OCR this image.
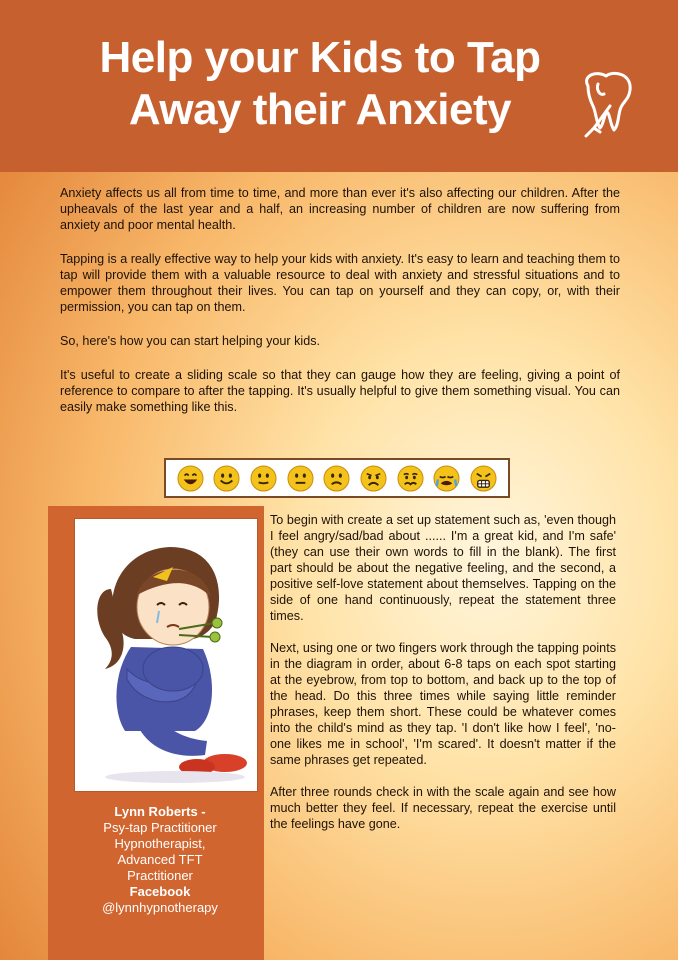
Help your Kids to Tap
Away their Anxiety

Anxiety affects us all from time to time, and more than ever it's also affecting our children. After the upheavals of the last year and a half, an increasing number of children are now suffering from anxiety and poor mental health.

Tapping is a really effective way to help your kids with anxiety. It's easy to learn and teaching them to tap will provide them with a valuable resource to deal with anxiety and stressful situations and to empower them throughout their lives. You can tap on yourself and they can copy, or, with their permission, you can tap on them.

So, here's how you can start helping your kids.

It's useful to create a sliding scale so that they can gauge how they are feeling, giving a point of reference to compare to after the tapping. It's usually helpful to give them something visual. You can easily make something like this.

Lynn Roberts -
Psy-tap Practitioner
Hypnotherapist,
Advanced TFT
Practitioner
Facebook
@lynnhypnotherapy

To begin with create a set up statement such as, 'even though I feel angry/sad/bad about ...... I'm a great kid, and I'm safe' (they can use their own words to fill in the blank). The first part should be about the negative feeling, and the second, a positive self-love statement about themselves. Tapping on the side of one hand continuously, repeat the statement three times.

Next, using one or two fingers work through the tapping points in the diagram in order, about 6-8 taps on each spot starting at the eyebrow, from top to bottom, and back up to the top of the head. Do this three times while saying little reminder phrases, keep them short. These could be whatever comes into the child's mind as they tap. 'I don't like how I feel', 'no-one likes me in school', 'I'm scared'. It doesn't matter if the same phrases get repeated.

After three rounds check in with the scale again and see how much better they feel. If necessary, repeat the exercise until the feelings have gone.
